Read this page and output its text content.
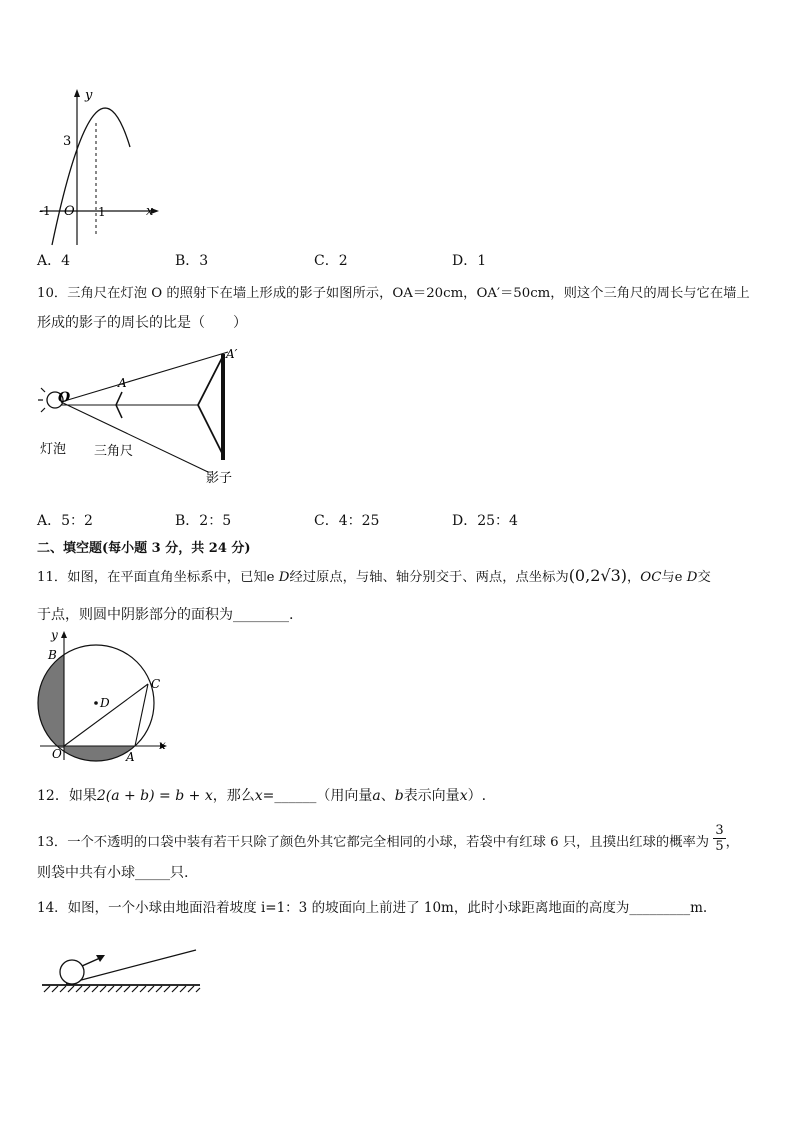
y
x
O
-1	1
3
A．4	B．3	C．2	D．1
10．三角尺在灯泡 O 的照射下在墙上形成的影子如图所示，OA＝20cm，OA′＝50cm，则这个三角尺的周长与它在墙上
形成的影子的周长的比是（　　）
O
A
A′
灯泡 三角尺
影子
A．5：2	B．2：5	C．4：25	D．25：4
二、填空题(每小题 3 分，共 24 分)
11．如图，在平面直角坐标系中，已知e D经过原点，与轴、轴分别交于、两点，点坐标为(0,2√3)，OC与e D交
于点，则圆中阴影部分的面积为________.
y
x
B
C
D
O	A
12．如果2(a + b) = b + x，那么x=______（用向量a、b表示向量x）.
13．一个不透明的口袋中装有若干只除了颜色外其它都完全相同的小球，若袋中有红球 6 只，且摸出红球的概率为 $\frac{3}{5}$ ，
则袋中共有小球_____只.
14．如图，一个小球由地面沿着坡度 i=1：3 的坡面向上前进了 10m，此时小球距离地面的高度为_________m.
